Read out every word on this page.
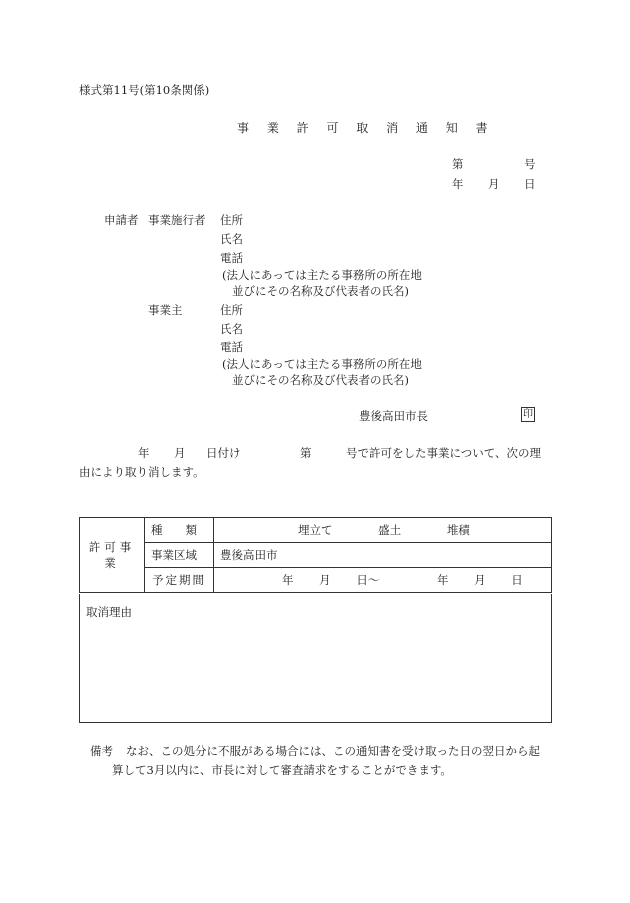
様式第11号(第10条関係)
事 業 許 可 取 消 通 知 書
第	号
年 月 日
申請者 事業施行者 住所
氏名
電話
(法人にあっては主たる事務所の所在地
並びにその名称及び代表者の氏名)
事業主	住所
氏名
電話
(法人にあっては主たる事務所の所在地
並びにその名称及び代表者の氏名)
豊後高田市長	印
年 月 日付け	第	号で許可をした事業について、次の理
由により取り消します。
許可事業	種　　類	埋立て 盛土 堆積
	事業区域	豊後高田市
	予定期間	年 月 日～ 年 月 日
取消理由
備考 なお、この処分に不服がある場合には、この通知書を受け取った日の翌日から起
算して3月以内に、市長に対して審査請求をすることができます。
